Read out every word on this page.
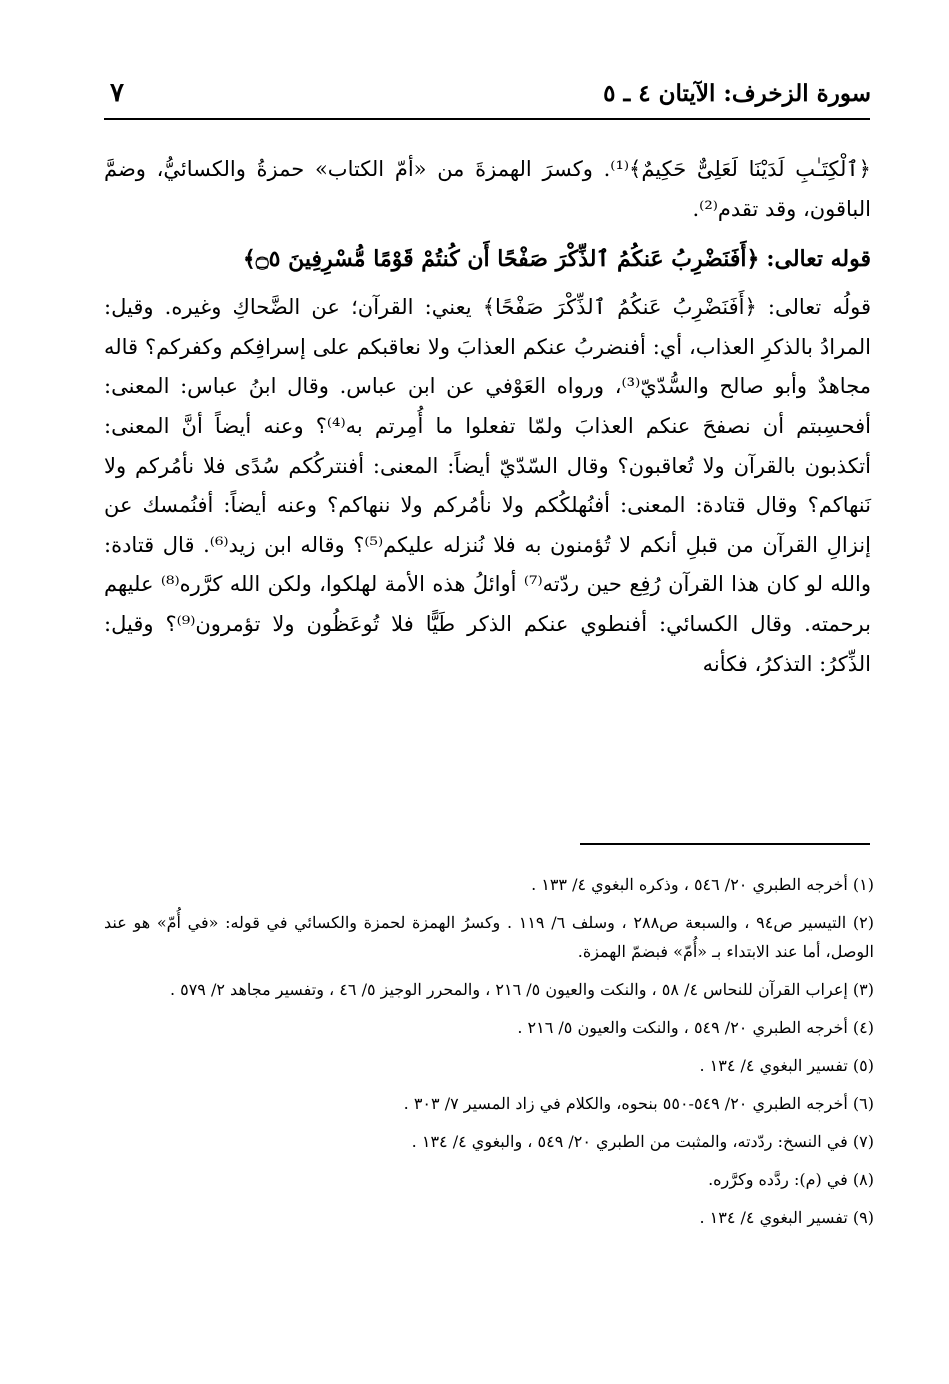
سورة الزخرف: الآيتان ٤ ـ ٥
٧

﴿ٱلْكِتَـٰبِ لَدَيْنَا لَعَلِىٌّ حَكِيمٌ﴾⁽¹⁾. وكسرَ الهمزةَ من «أمّ الكتاب» حمزةُ والكسائيُّ، وضمَّ الباقون، وقد تقدم⁽²⁾.

قوله تعالى: ﴿أَفَنَضْرِبُ عَنكُمُ ٱلذِّكْرَ صَفْحًا أَن كُنتُمْ قَوْمًا مُّسْرِفِينَ ۝٥﴾

قولُه تعالى: ﴿أَفَنَضْرِبُ عَنكُمُ ٱلذِّكْرَ صَفْحًا﴾ يعني: القرآن؛ عن الضَّحاكِ وغيره. وقيل: المرادُ بالذكرِ العذاب، أي: أفنضربُ عنكم العذابَ ولا نعاقبكم على إسرافِكم وكفركم؟ قاله مجاهدٌ وأبو صالح والسُّدّيّ⁽³⁾، ورواه العَوْفي عن ابن عباس. وقال ابنُ عباس: المعنى: أفحسِبتم أن نصفحَ عنكم العذابَ ولمّا تفعلوا ما أُمِرتم به⁽⁴⁾؟ وعنه أيضاً أنَّ المعنى: أتكذبون بالقرآن ولا تُعاقبون؟ وقال السّدّيّ أيضاً: المعنى: أفنتركُكم سُدًى فلا نأمُركم ولا نَنهاكم؟ وقال قتادة: المعنى: أفنُهلكُكم ولا نأمُركم ولا ننهاكم؟ وعنه أيضاً: أفنُمسك عن إنزالِ القرآن من قبلِ أنكم لا تُؤمنون به فلا نُنزله عليكم⁽⁵⁾؟ وقاله ابن زيد⁽⁶⁾. قال قتادة: والله لو كان هذا القرآن رُفِع حين ردّته⁽⁷⁾ أوائلُ هذه الأمة لهلكوا، ولكن الله كرَّره⁽⁸⁾ عليهم برحمته. وقال الكسائي: أفنطوي عنكم الذكر طَيًّا فلا تُوعَظُون ولا تؤمرون⁽⁹⁾؟ وقيل: الذِّكرُ: التذكرُ، فكأنه

(١) أخرجه الطبري ٢٠/ ٥٤٦ ، وذكره البغوي ٤/ ١٣٣ .

(٢) التيسير ص٩٤ ، والسبعة ص٢٨٨ ، وسلف ٦/ ١١٩ . وكسرُ الهمزة لحمزة والكسائي في قوله: «في أُمّ» هو عند الوصل، أما عند الابتداء بـ «أُمّ» فبضمّ الهمزة.

(٣) إعراب القرآن للنحاس ٤/ ٥٨ ، والنكت والعيون ٥/ ٢١٦ ، والمحرر الوجيز ٥/ ٤٦ ، وتفسير مجاهد ٢/ ٥٧٩ .

(٤) أخرجه الطبري ٢٠/ ٥٤٩ ، والنكت والعيون ٥/ ٢١٦ .

(٥) تفسير البغوي ٤/ ١٣٤ .

(٦) أخرجه الطبري ٢٠/ ٥٤٩-٥٥٠ بنحوه، والكلام في زاد المسير ٧/ ٣٠٣ .

(٧) في النسخ: ردّدته، والمثبت من الطبري ٢٠/ ٥٤٩ ، والبغوي ٤/ ١٣٤ .

(٨) في (م): ردَّده وكرَّره.

(٩) تفسير البغوي ٤/ ١٣٤ .
